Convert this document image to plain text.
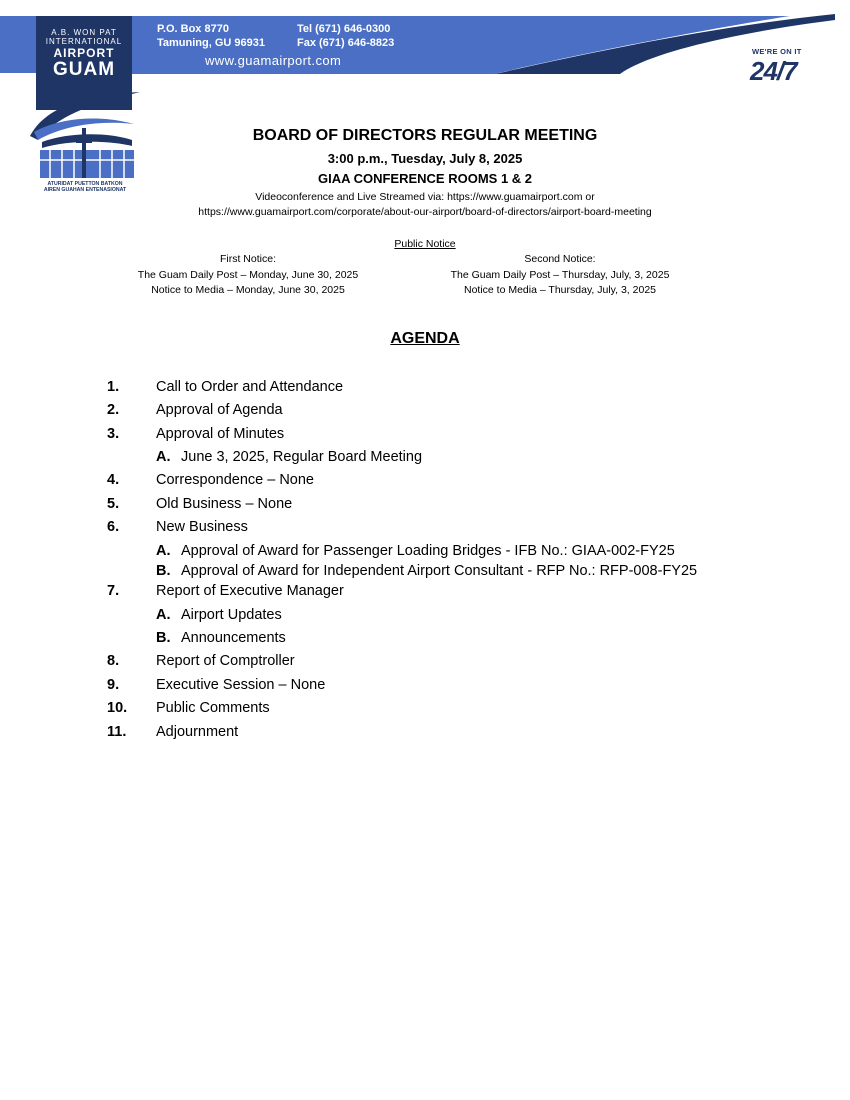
P.O. Box 8770
Tamuning, GU 96931
Tel (671) 646-0300
Fax (671) 646-8823
www.guamairport.com
A.B. WON PAT
INTERNATIONAL
AIRPORT
GUAM
ATURIDAT PUETTON BATKON
AIREN GUAHAN ENTENASIONAT
WE'RE ON IT
24/7
BOARD OF DIRECTORS REGULAR MEETING
3:00 p.m., Tuesday, July 8, 2025
GIAA CONFERENCE ROOMS 1 & 2
Videoconference and Live Streamed via: https://www.guamairport.com or
https://www.guamairport.com/corporate/about-our-airport/board-of-directors/airport-board-meeting
Public Notice
First Notice:
The Guam Daily Post – Monday, June 30, 2025
Notice to Media – Monday, June 30, 2025
Second Notice:
The Guam Daily Post – Thursday, July, 3, 2025
Notice to Media – Thursday, July, 3, 2025
AGENDA
1.	Call to Order and Attendance
2.	Approval of Agenda
3.	Approval of Minutes
A. June 3, 2025, Regular Board Meeting
4.	Correspondence – None
5.	Old Business – None
6.	New Business
A. Approval of Award for Passenger Loading Bridges - IFB No.: GIAA-002-FY25
B. Approval of Award for Independent Airport Consultant - RFP No.: RFP-008-FY25
7.	Report of Executive Manager
A. Airport Updates
B. Announcements
8.	Report of Comptroller
9.	Executive Session – None
10. Public Comments
11. Adjournment
